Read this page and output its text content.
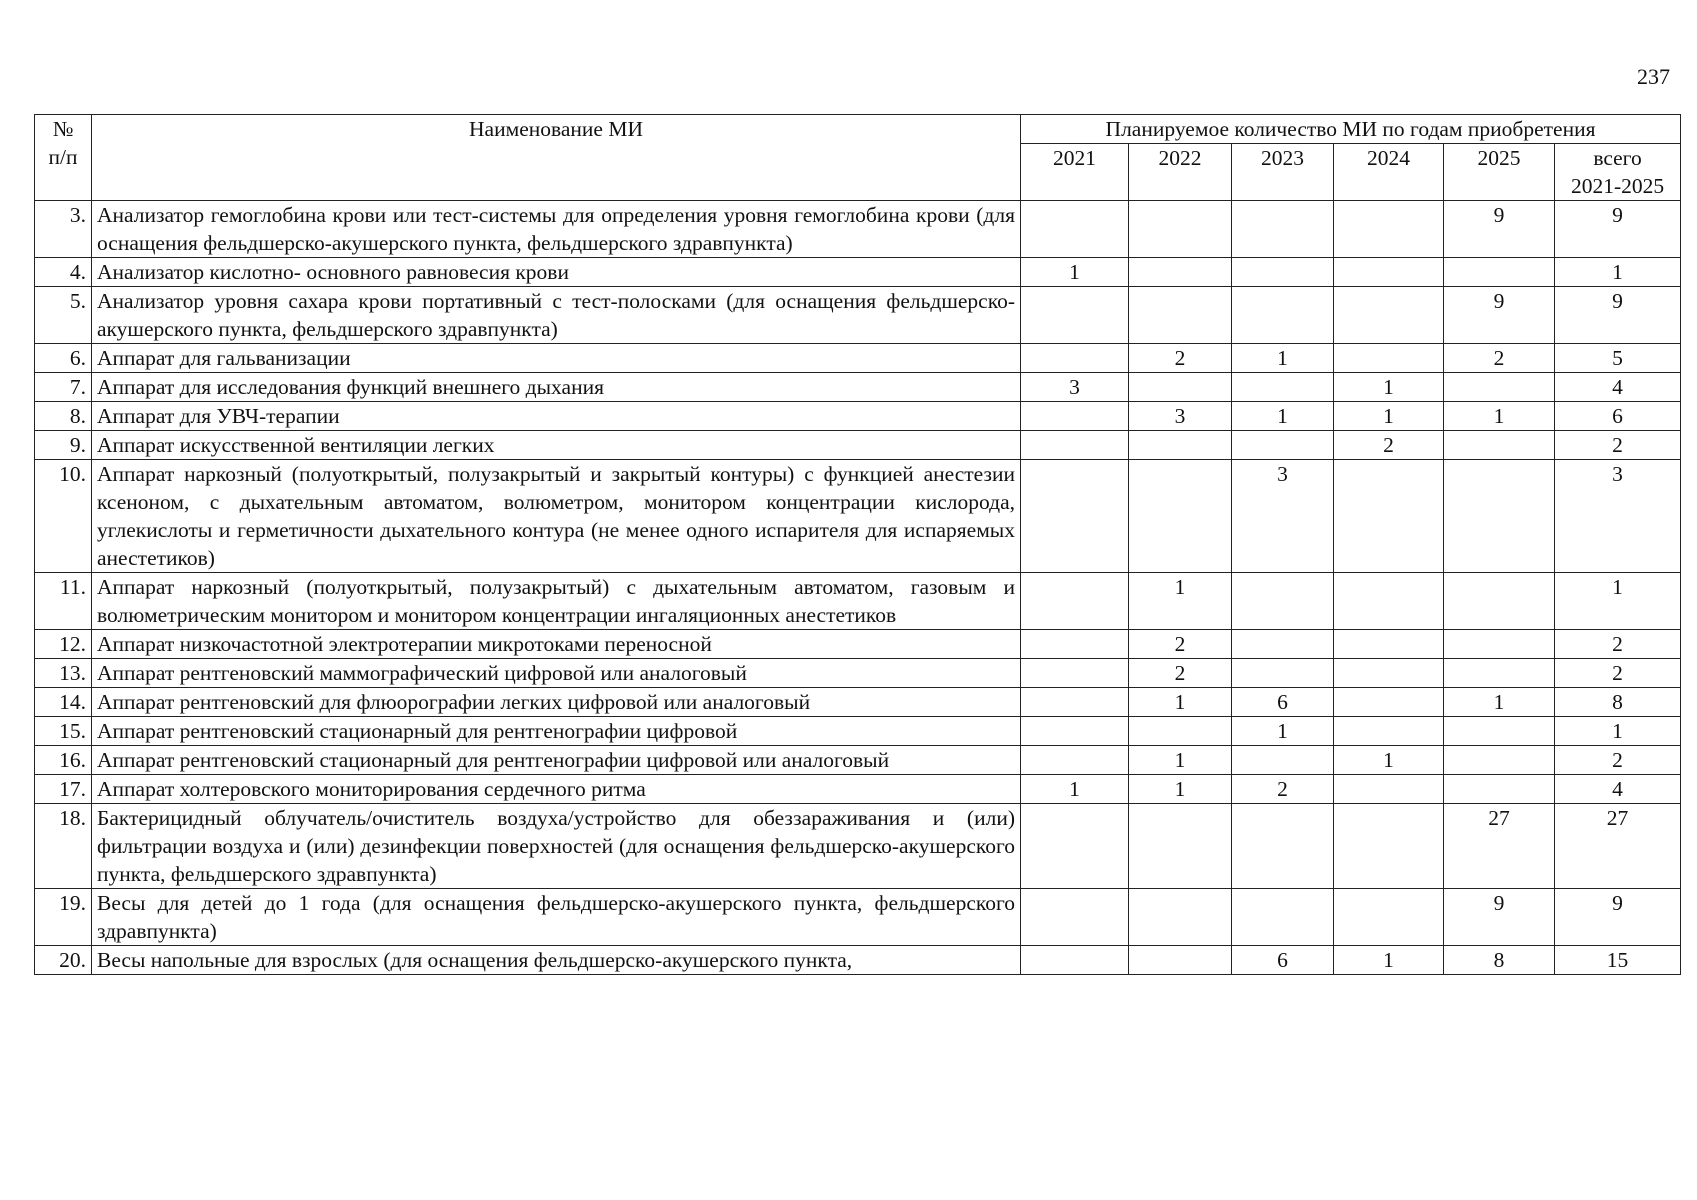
237
№
п/п	Наименование МИ	Планируемое количество МИ по годам приобретения					
		2021	2022	2023	2024	2025	всего
2021-2025
3.	Анализатор гемоглобина крови или тест-системы для определения уровня гемоглобина крови (для оснащения фельдшерско-акушерского пункта, фельдшерского здравпункта)					9	9
4.	Анализатор кислотно- основного равновесия крови	1					1
5.	Анализатор уровня сахара крови портативный с тест-полосками (для оснащения фельдшерско-акушерского пункта, фельдшерского здравпункта)					9	9
6.	Аппарат для гальванизации		2	1		2	5
7.	Аппарат для исследования функций внешнего дыхания	3			1		4
8.	Аппарат для УВЧ-терапии		3	1	1	1	6
9.	Аппарат искусственной вентиляции легких				2		2
10.	Аппарат наркозный (полуоткрытый, полузакрытый и закрытый контуры) с функцией анестезии ксеноном, с дыхательным автоматом, волюметром, монитором концентрации кислорода, углекислоты и герметичности дыхательного контура (не менее одного испарителя для испаряемых анестетиков)			3			3
11.	Аппарат наркозный (полуоткрытый, полузакрытый) с дыхательным автоматом, газовым и волюметрическим монитором и монитором концентрации ингаляционных анестетиков		1				1
12.	Аппарат низкочастотной электротерапии микротоками переносной		2				2
13.	Аппарат рентгеновский маммографический цифровой или аналоговый		2				2
14.	Аппарат рентгеновский для флюорографии легких цифровой или аналоговый		1	6		1	8
15.	Аппарат рентгеновский стационарный для рентгенографии цифровой			1			1
16.	Аппарат рентгеновский стационарный для рентгенографии цифровой или аналоговый		1		1		2
17.	Аппарат холтеровского мониторирования сердечного ритма	1	1	2			4
18.	Бактерицидный облучатель/очиститель воздуха/устройство для обеззараживания и (или) фильтрации воздуха и (или) дезинфекции поверхностей (для оснащения фельдшерско-акушерского пункта, фельдшерского здравпункта)					27	27
19.	Весы для детей до 1 года (для оснащения фельдшерско-акушерского пункта, фельдшерского здравпункта)					9	9
20.	Весы напольные для взрослых (для оснащения фельдшерско-акушерского пункта,			6	1	8	15
